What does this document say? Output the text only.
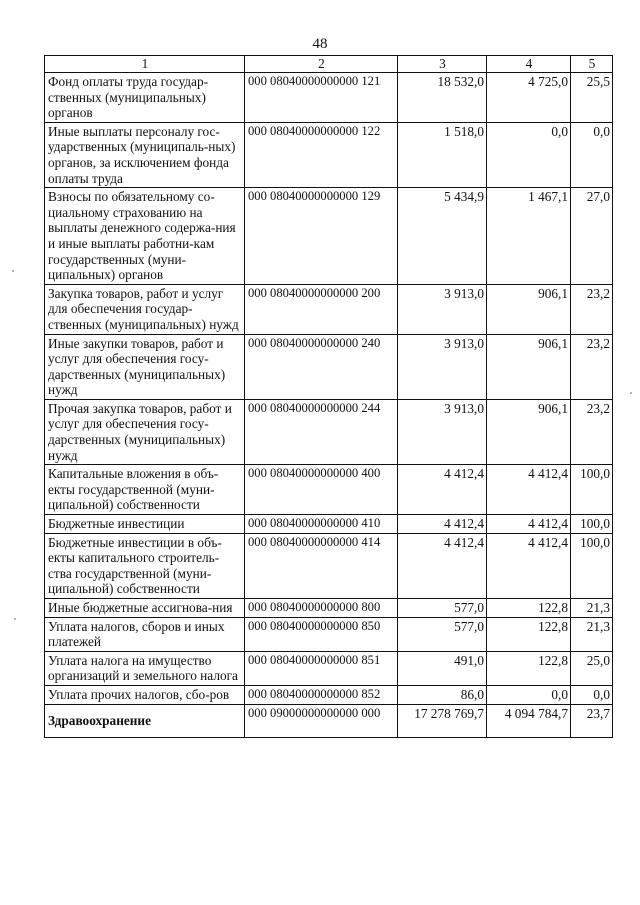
48
1	2	3	4	5
Фонд оплаты труда государ-ственных (муниципальных) органов	000 08040000000000 121	18 532,0	4 725,0	25,5
Иные выплаты персоналу гос-ударственных (муниципаль-ных) органов, за исключением фонда оплаты труда	000 08040000000000 122	1 518,0	0,0	0,0
Взносы по обязательному со-циальному страхованию на выплаты денежного содержа-ния и иные выплаты работни-кам государственных (муни-ципальных) органов	000 08040000000000 129	5 434,9	1 467,1	27,0
Закупка товаров, работ и услуг для обеспечения государ-ственных (муниципальных) нужд	000 08040000000000 200	3 913,0	906,1	23,2
Иные закупки товаров, работ и услуг для обеспечения госу-дарственных (муниципальных) нужд	000 08040000000000 240	3 913,0	906,1	23,2
Прочая закупка товаров, работ и услуг для обеспечения госу-дарственных (муниципальных) нужд	000 08040000000000 244	3 913,0	906,1	23,2
Капитальные вложения в объ-екты государственной (муни-ципальной) собственности	000 08040000000000 400	4 412,4	4 412,4	100,0
Бюджетные инвестиции	000 08040000000000 410	4 412,4	4 412,4	100,0
Бюджетные инвестиции в объ-екты капитального строитель-ства государственной (муни-ципальной) собственности	000 08040000000000 414	4 412,4	4 412,4	100,0
Иные бюджетные ассигнова-ния	000 08040000000000 800	577,0	122,8	21,3
Уплата налогов, сборов и иных платежей	000 08040000000000 850	577,0	122,8	21,3
Уплата налога на имущество организаций и земельного налога	000 08040000000000 851	491,0	122,8	25,0
Уплата прочих налогов, сбо-ров	000 08040000000000 852	86,0	0,0	0,0
Здравоохранение	000 09000000000000 000	17 278 769,7	4 094 784,7	23,7
